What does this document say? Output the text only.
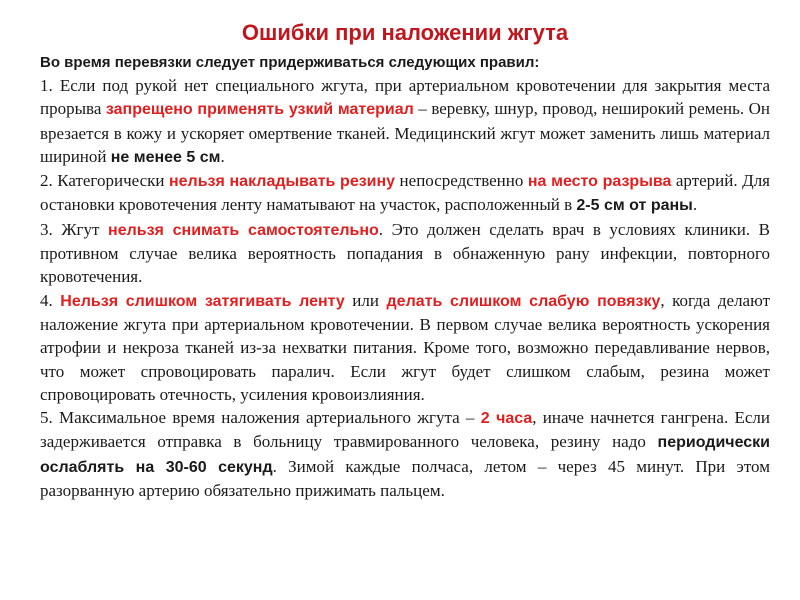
Ошибки при наложении жгута

Во время перевязки следует придерживаться следующих правил:

1. Если под рукой нет специального жгута, при артериальном кровотечении для закрытия места прорыва запрещено применять узкий материал – веревку, шнур, провод, неширокий ремень. Он врезается в кожу и ускоряет омертвение тканей. Медицинский жгут может заменить лишь материал шириной не менее 5 см.

2. Категорически нельзя накладывать резину непосредственно на место разрыва артерий. Для остановки кровотечения ленту наматывают на участок, расположенный в 2-5 см от раны.

3. Жгут нельзя снимать самостоятельно. Это должен сделать врач в условиях клиники. В противном случае велика вероятность попадания в обнаженную рану инфекции, повторного кровотечения.

4. Нельзя слишком затягивать ленту или делать слишком слабую повязку, когда делают наложение жгута при артериальном кровотечении. В первом случае велика вероятность ускорения атрофии и некроза тканей из-за нехватки питания. Кроме того, возможно передавливание нервов, что может спровоцировать паралич. Если жгут будет слишком слабым, резина может спровоцировать отечность, усиления кровоизлияния.

5. Максимальное время наложения артериального жгута – 2 часа, иначе начнется гангрена. Если задерживается отправка в больницу травмированного человека, резину надо периодически ослаблять на 30-60 секунд. Зимой каждые полчаса, летом – через 45 минут. При этом разорванную артерию обязательно прижимать пальцем.
